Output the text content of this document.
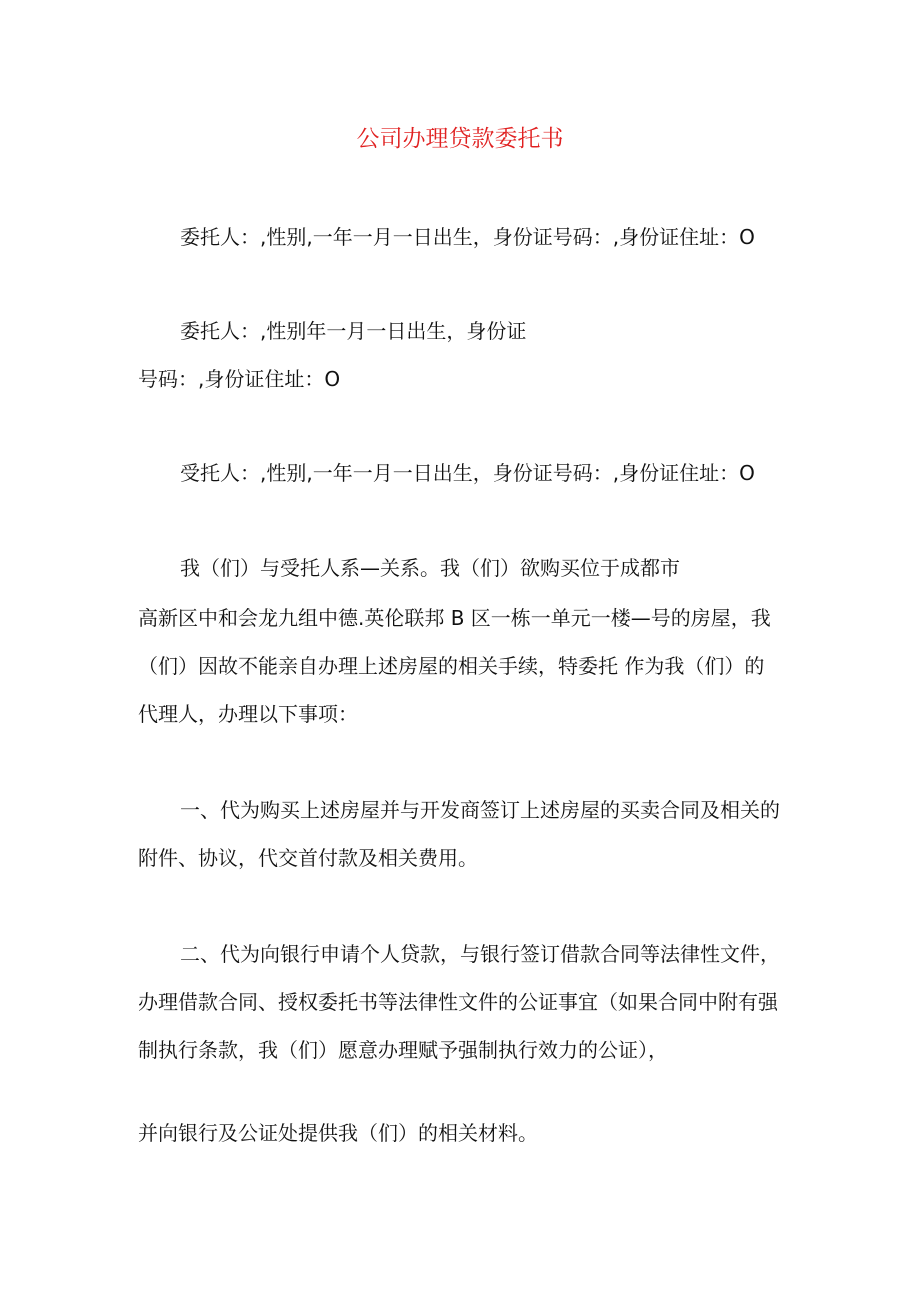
公司办理贷款委托书
委托人：,性别,一年一月一日出生，身份证号码：,身份证住址：O
委托人：,性别年一月一日出生，身份证
号码：,身份证住址：O
受托人：,性别,一年一月一日出生，身份证号码：,身份证住址：O
我（们）与受托人系—关系。我（们）欲购买位于成都市
高新区中和会龙九组中德.英伦联邦 B 区一栋一单元一楼—号的房屋，我
（们）因故不能亲自办理上述房屋的相关手续，特委托 作为我（们）的
代理人，办理以下事项：
一、代为购买上述房屋并与开发商签订上述房屋的买卖合同及相关的
附件、协议，代交首付款及相关费用。
二、代为向银行申请个人贷款，与银行签订借款合同等法律性文件，
办理借款合同、授权委托书等法律性文件的公证事宜（如果合同中附有强
制执行条款，我（们）愿意办理赋予强制执行效力的公证），
并向银行及公证处提供我（们）的相关材料。
